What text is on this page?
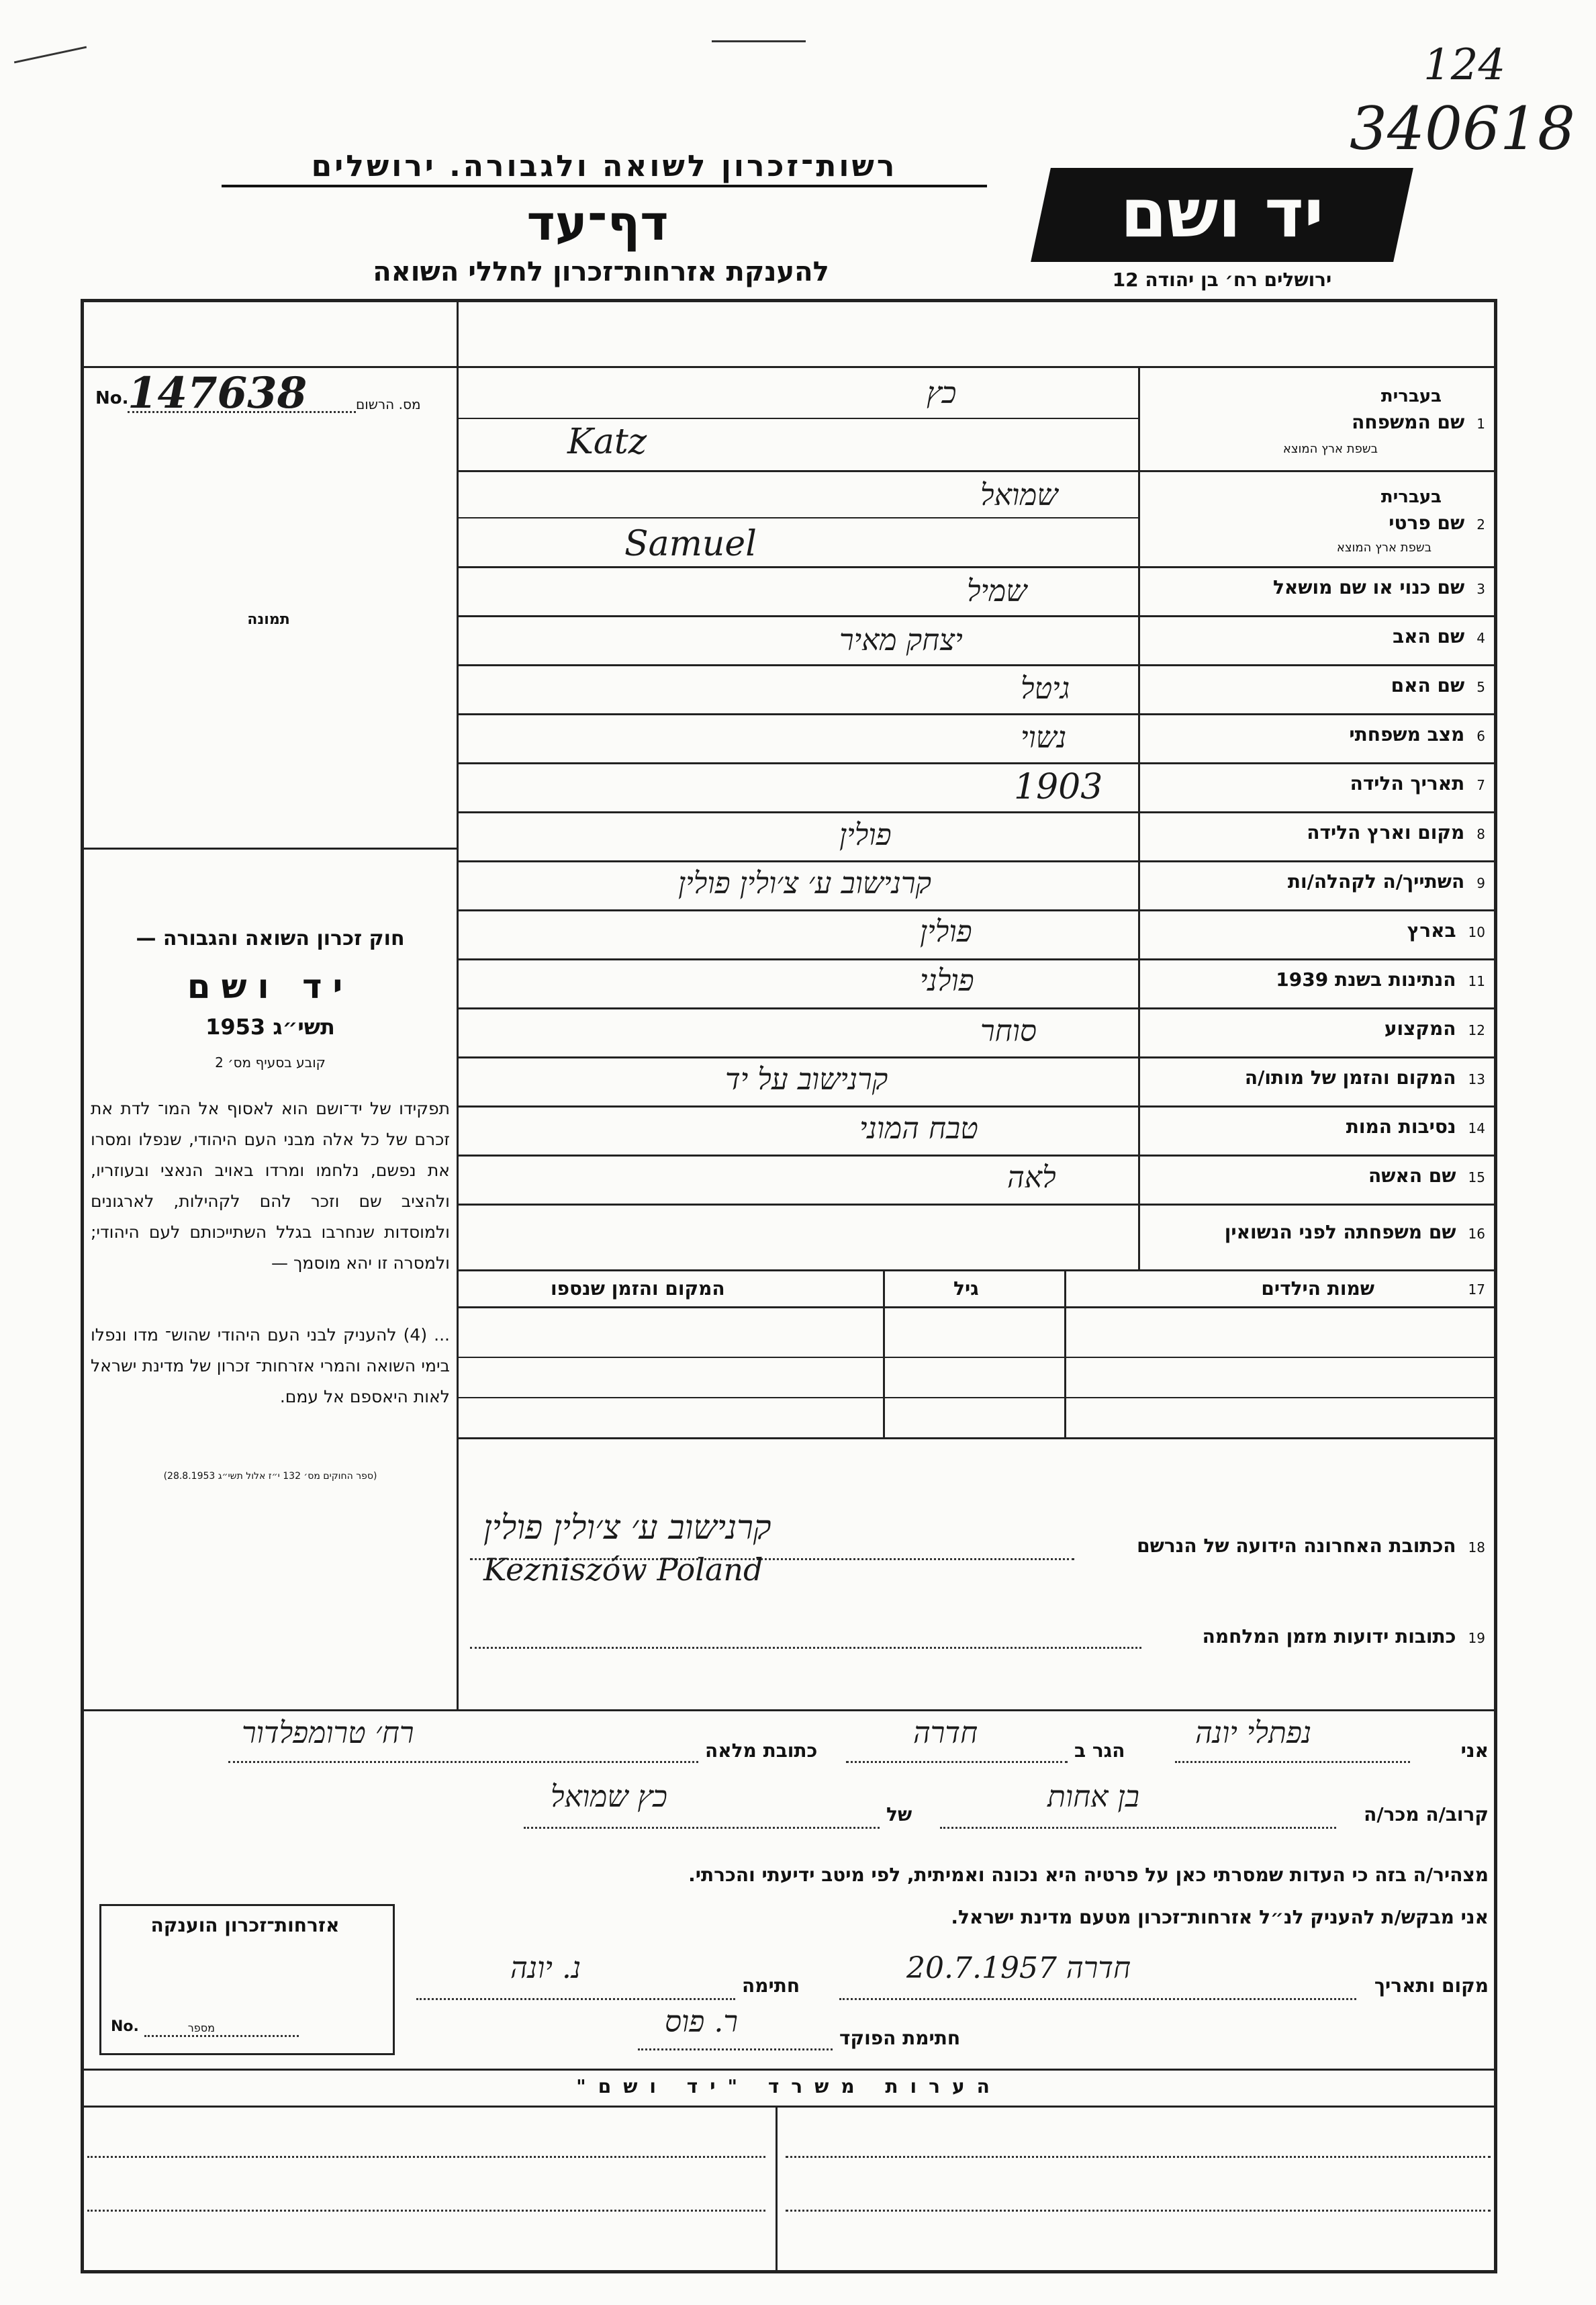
124
340618
רשות־זכרון לשואה ולגבורה. ירושלים
דף־עד
להענקת אזרחות־זכרון לחללי השואה
יד ושם
ירושלים רח׳ בן יהודה 12
No.
147638	מס. הרשום
תמונה
חוק זכרון השואה והגבורה —
יד ושם
תשי״ג 1953
קובע בסעיף מס׳ 2
תפקידו של יד־ושם הוא לאסוף אל המו־ לדת את זכרם של כל אלה מבני העם היהודי, שנפלו ומסרו את נפשם, נלחמו ומרדו באויב הנאצי ובעוזריו, ולהציב שם וזכר להם לקהילות, לארגונים ולמוסדות שנחרבו בגלל השתייכותם לעם היהודי; ולמסרה זו יהא מוסמך —
... (4) להעניק לבני העם היהודי שהוש־ מדו ונפלו בימי השואה והמרי אזרחות־ זכרון של מדינת ישראל לאות היאספם אל עמם.
(ספר החוקים מס׳ 132 י״ז אלול תשי״ג 28.8.1953)
בעברית
1שם המשפחה
בשפת ארץ המוצא
כץ
Katz
בעברית
2שם פרטי
בשפת ארץ המוצא
שמואל
Samuel
3שם כנוי או שם מושאל
שמיל
4שם האב
יצחק מאיר
5שם האם
גיטל
6מצב משפחתי
נשוי
7תאריך הלידה
1903
8מקום וארץ הלידה
פולין
9השתייך/ה לקהלה/ות
קרנישוב ע׳ צ׳ולין פולין
10בארץ
פולין
11הנתינות בשנת 1939
פולני
12המקצוע
סוחר
13המקום והזמן של מותו/ה
קרנישוב על יד
14נסיבות המות
טבח המוני
15שם האשה
לאה
16שם משפחתה לפני הנשואין
17
שמות הילדים
גיל
המקום והזמן שנספו
18הכתובת האחרונה הידועה של הנרשם
קרנישוב ע׳ צ׳ולין פולין
Kezniszów Poland
19כתובות ידועות מזמן המלחמה
אני
נפתלי יונה
הגר ב
חדרה
כתובת מלאה
רח׳ טרומפלדור
קרוב/ה מכר/ה
בן אחות
של
כץ שמואל
מצהיר/ה בזה כי העדות שמסרתי כאן על פרטיה היא נכונה ואמיתית, לפי מיטב ידיעתי והכרתי.
אני מבקש/ת להעניק לנ״ל אזרחות־זכרון מטעם מדינת ישראל.
מקום ותאריך
חדרה 20.7.1957
חתימה
נ. יונה
חתימת הפוקד
ר. פוס
אזרחות־זכרון הוענקה
No.	מספר
הערות משרד "יד ושם"
